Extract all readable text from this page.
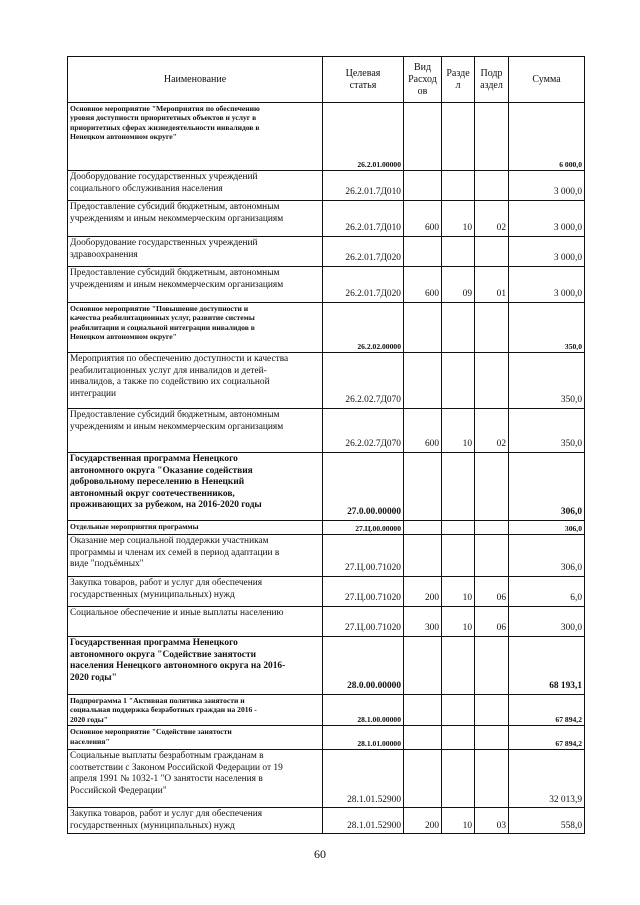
Наименование	Целевая
статья	Вид
Расход
ов	Разде
л	Подр
аздел	Сумма
Основное мероприятие "Мероприятия по обеспечению
уровня доступности приоритетных объектов и услуг в
приоритетных сферах жизнедеятельности инвалидов в
Ненецком автономном округе"	26.2.01.00000				6 000,0
Дооборудование государственных учреждений
социального обслуживания населения	26.2.01.7Д010				3 000,0
Предоставление субсидий бюджетным, автономным
учреждениям и иным некоммерческим организациям	26.2.01.7Д010	600	10	02	3 000,0
Дооборудование государственных учреждений
здравоохранения	26.2.01.7Д020				3 000,0
Предоставление субсидий бюджетным, автономным
учреждениям и иным некоммерческим организациям	26.2.01.7Д020	600	09	01	3 000,0
Основное мероприятие "Повышение доступности и
качества реабилитационных услуг, развитие системы
реабилитации и социальной интеграции инвалидов в
Ненецком автономном округе"	26.2.02.00000				350,0
Мероприятия по обеспечению доступности и качества
реабилитационных услуг для инвалидов и детей-
инвалидов, а также по содействию их социальной
интеграции	26.2.02.7Д070				350,0
Предоставление субсидий бюджетным, автономным
учреждениям и иным некоммерческим организациям	26.2.02.7Д070	600	10	02	350,0
Государственная программа Ненецкого
автономного округа "Оказание содействия
добровольному переселению в Ненецкий
автономный округ соотечественников,
проживающих за рубежом, на 2016-2020 годы	27.0.00.00000				306,0
Отдельные мероприятия программы	27.Ц.00.00000				306,0
Оказание мер социальной поддержки участникам
программы и членам их семей в период адаптации в
виде "подъёмных"	27.Ц.00.71020				306,0
Закупка товаров, работ и услуг для обеспечения
государственных (муниципальных) нужд	27.Ц.00.71020	200	10	06	6,0
Социальное обеспечение и иные выплаты населению	27.Ц.00.71020	300	10	06	300,0
Государственная программа Ненецкого
автономного округа "Содействие занятости
населения Ненецкого автономного округа на 2016-
2020 годы"	28.0.00.00000				68 193,1
Подпрограмма 1 "Активная политика занятости и
социальная поддержка безработных граждан на 2016 -
2020 годы"	28.1.00.00000				67 894,2
Основное мероприятие "Содействие занятости
населения"	28.1.01.00000				67 894,2
Социальные выплаты безработным гражданам в
соответствии с Законом Российской Федерации от 19
апреля 1991 № 1032-1 "О занятости населения в
Российской Федерации"	28.1.01.52900				32 013,9
Закупка товаров, работ и услуг для обеспечения
государственных (муниципальных) нужд	28.1.01.52900	200	10	03	558,0
60
